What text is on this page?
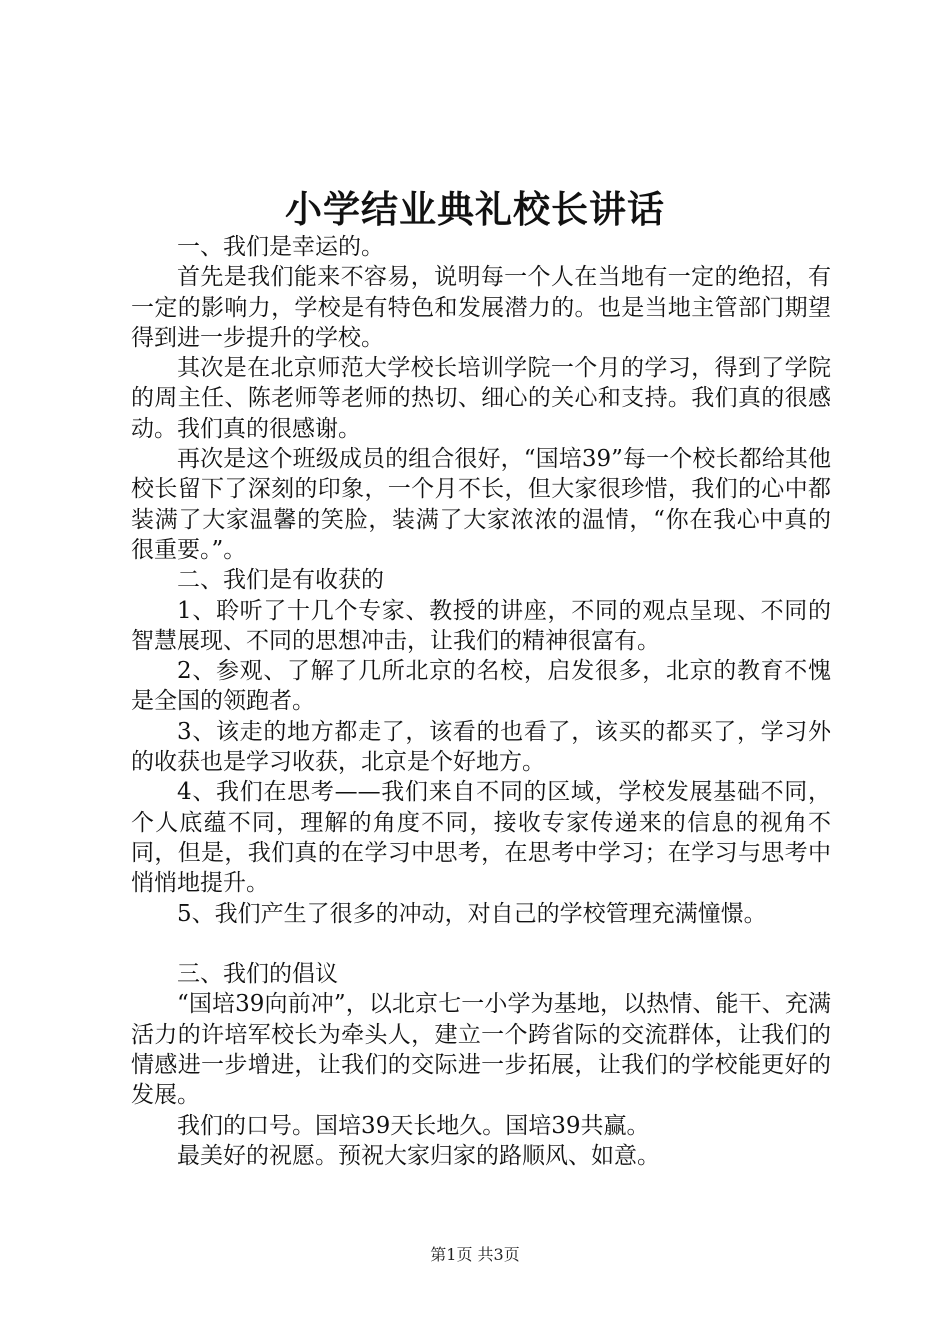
小学结业典礼校长讲话

一、我们是幸运的。

首先是我们能来不容易，说明每一个人在当地有一定的绝招，有一定的影响力，学校是有特色和发展潜力的。也是当地主管部门期望得到进一步提升的学校。

其次是在北京师范大学校长培训学院一个月的学习，得到了学院的周主任、陈老师等老师的热切、细心的关心和支持。我们真的很感动。我们真的很感谢。

再次是这个班级成员的组合很好，“国培39”每一个校长都给其他校长留下了深刻的印象，一个月不长，但大家很珍惜，我们的心中都装满了大家温馨的笑脸，装满了大家浓浓的温情，“你在我心中真的很重要。”。

二、我们是有收获的

1、聆听了十几个专家、教授的讲座，不同的观点呈现、不同的智慧展现、不同的思想冲击，让我们的精神很富有。

2、参观、了解了几所北京的名校，启发很多，北京的教育不愧是全国的领跑者。

3、该走的地方都走了，该看的也看了，该买的都买了，学习外的收获也是学习收获，北京是个好地方。

4、我们在思考——我们来自不同的区域，学校发展基础不同，个人底蕴不同，理解的角度不同，接收专家传递来的信息的视角不同，但是，我们真的在学习中思考，在思考中学习；在学习与思考中悄悄地提升。

5、我们产生了很多的冲动，对自己的学校管理充满憧憬。

三、我们的倡议

“国培39向前冲”，以北京七一小学为基地，以热情、能干、充满活力的许培军校长为牵头人，建立一个跨省际的交流群体，让我们的情感进一步增进，让我们的交际进一步拓展，让我们的学校能更好的发展。

我们的口号。国培39天长地久。国培39共赢。

最美好的祝愿。预祝大家归家的路顺风、如意。

第1页 共3页
